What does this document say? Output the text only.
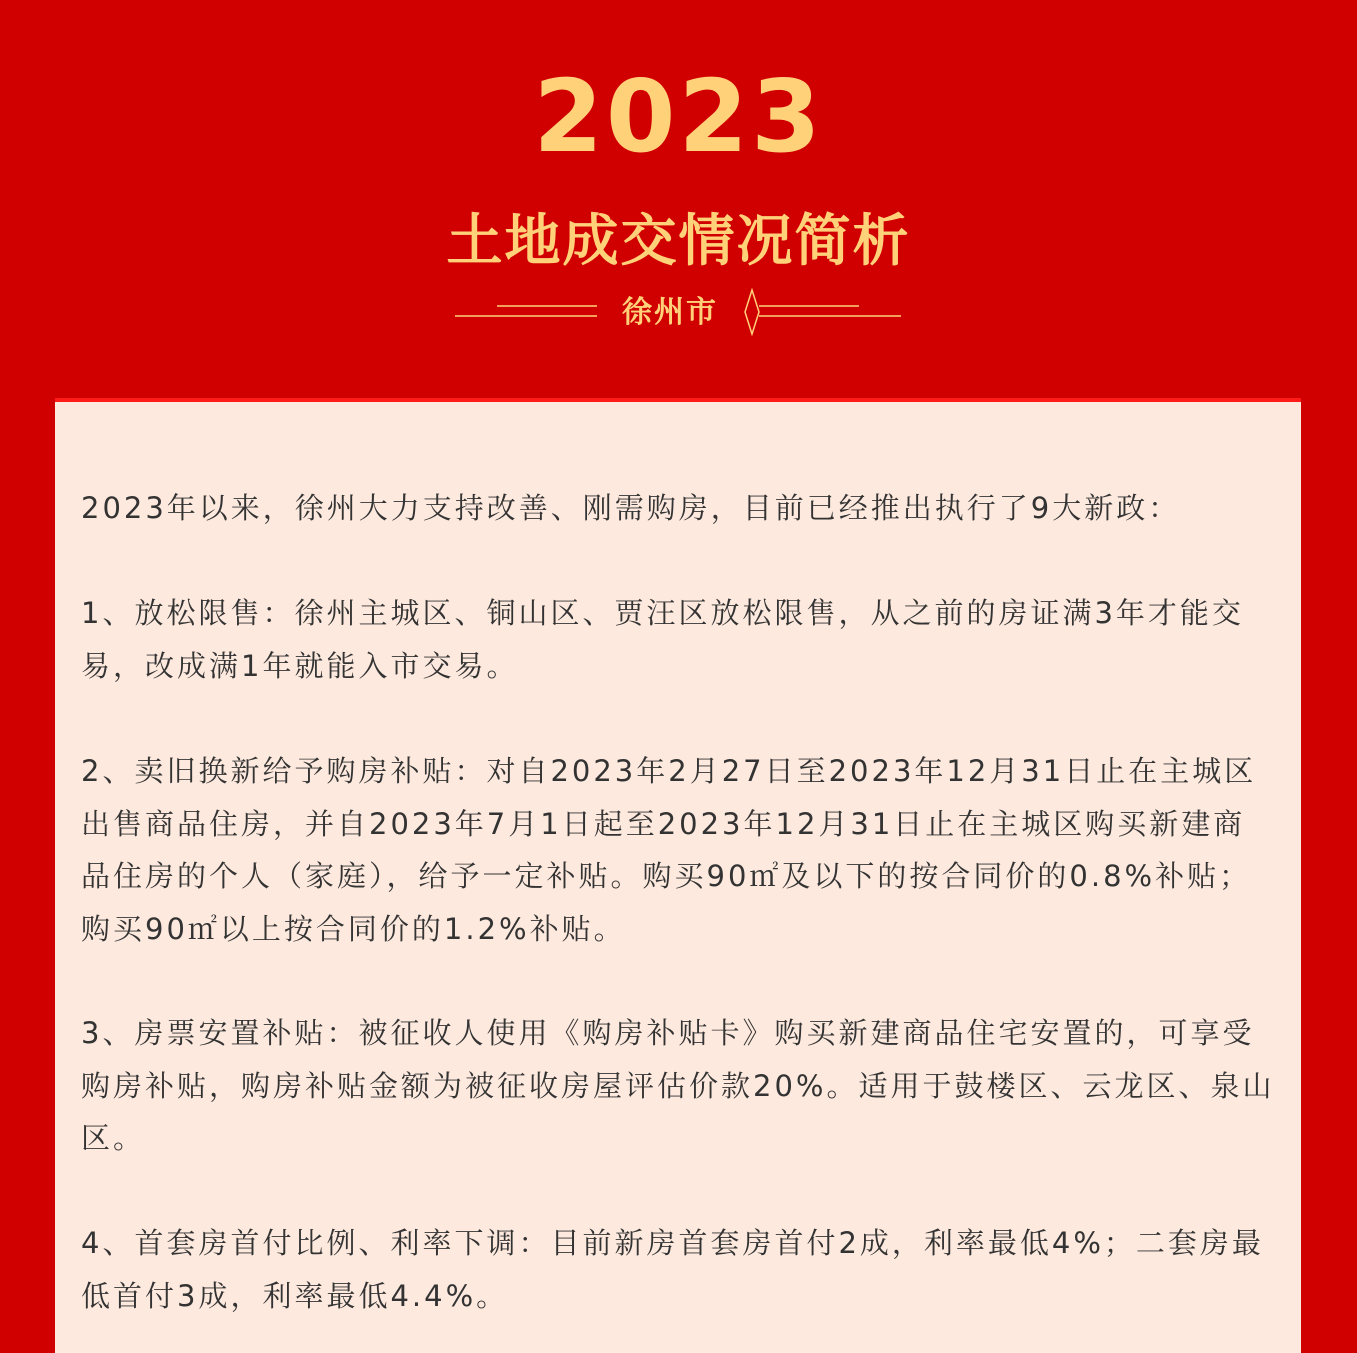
2023
土地成交情况简析
徐州市

2023年以来，徐州大力支持改善、刚需购房，目前已经推出执行了9大新政：

1、放松限售：徐州主城区、铜山区、贾汪区放松限售，从之前的房证满3年才能交易，改成满1年就能入市交易。

2、卖旧换新给予购房补贴：对自2023年2月27日至2023年12月31日止在主城区出售商品住房，并自2023年7月1日起至2023年12月31日止在主城区购买新建商品住房的个人（家庭），给予一定补贴。购买90㎡及以下的按合同价的0.8%补贴；购买90㎡以上按合同价的1.2%补贴。

3、房票安置补贴：被征收人使用《购房补贴卡》购买新建商品住宅安置的，可享受购房补贴，购房补贴金额为被征收房屋评估价款20%。适用于鼓楼区、云龙区、泉山区。

4、首套房首付比例、利率下调：目前新房首套房首付2成，利率最低4%；二套房最低首付3成，利率最低4.4%。
